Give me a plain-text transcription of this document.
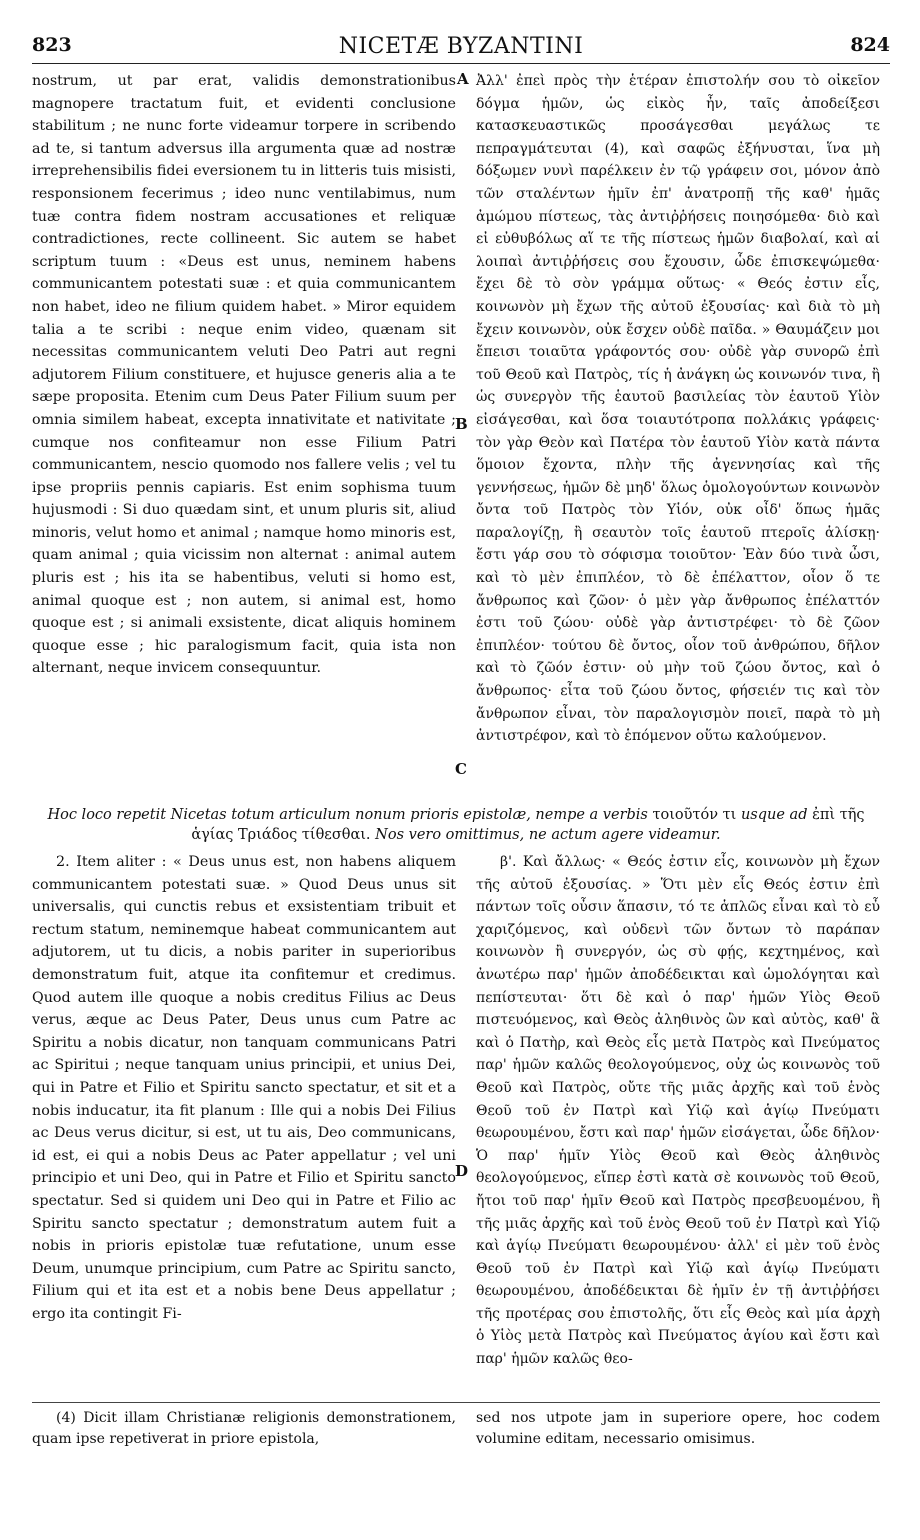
823	NICETÆ BYZANTINI	824

nostrum, ut par erat, validis demonstrationibus magnopere tractatum fuit, et evidenti conclusione stabilitum ; ne nunc forte videamur torpere in scribendo ad te, si tantum adversus illa argumenta quæ ad nostræ irreprehensibilis fidei eversionem tu in litteris tuis misisti, responsionem fecerimus ; ideo nunc ventilabimus, num tuæ contra fidem nostram accusationes et reliquæ contradictiones, recte collineent. Sic autem se habet scriptum tuum : «Deus est unus, neminem habens communicantem potestati suæ : et quia communicantem non habet, ideo ne filium quidem habet. » Miror equidem talia a te scribi : neque enim video, quænam sit necessitas communicantem veluti Deo Patri aut regni adjutorem Filium constituere, et hujusce generis alia a te sæpe proposita. Etenim cum Deus Pater Filium suum per omnia similem habeat, excepta innativitate et nativitate ; cumque nos confiteamur non esse Filium Patri communicantem, nescio quomodo nos fallere velis ; vel tu ipse propriis pennis capiaris. Est enim sophisma tuum hujusmodi : Si duo quædam sint, et unum pluris sit, aliud minoris, velut homo et animal ; namque homo minoris est, quam animal ; quia vicissim non alternat : animal autem pluris est ; his ita se habentibus, veluti si homo est, animal quoque est ; non autem, si animal est, homo quoque est ; si animali exsistente, dicat aliquis hominem quoque esse ; hic paralogismum facit, quia ista non alternant, neque invicem consequuntur.

Ἀλλ' ἐπεὶ πρὸς τὴν ἑτέραν ἐπιστολήν σου τὸ οἰκεῖον δόγμα ἡμῶν, ὡς εἰκὸς ἦν, ταῖς ἀποδείξεσι κατασκευαστικῶς προσάγεσθαι μεγάλως τε πεπραγμάτευται (4), καὶ σαφῶς ἐξήνυσται, ἵνα μὴ δόξωμεν νυνὶ παρέλκειν ἐν τῷ γράφειν σοι, μόνον ἀπὸ τῶν σταλέντων ἡμῖν ἐπ' ἀνατροπῇ τῆς καθ' ἡμᾶς ἀμώμου πίστεως, τὰς ἀντιῤῥήσεις ποιησόμεθα· διὸ καὶ εἰ εὐθυβόλως αἵ τε τῆς πίστεως ἡμῶν διαβολαί, καὶ αἱ λοιπαὶ ἀντιῤῥήσεις σου ἔχουσιν, ὧδε ἐπισκεψώμεθα· ἔχει δὲ τὸ σὸν γράμμα οὕτως· « Θεός ἐστιν εἷς, κοινωνὸν μὴ ἔχων τῆς αὐτοῦ ἐξουσίας· καὶ διὰ τὸ μὴ ἔχειν κοινωνὸν, οὐκ ἔσχεν οὐδὲ παῖδα. » Θαυμάζειν μοι ἔπεισι τοιαῦτα γράφοντός σου· οὐδὲ γὰρ συνορῶ ἐπὶ τοῦ Θεοῦ καὶ Πατρὸς, τίς ἡ ἀνάγκη ὡς κοινωνόν τινα, ἢ ὡς συνεργὸν τῆς ἑαυτοῦ βασιλείας τὸν ἑαυτοῦ Υἱὸν εἰσάγεσθαι, καὶ ὅσα τοιαυτότροπα πολλάκις γράφεις· τὸν γὰρ Θεὸν καὶ Πατέρα τὸν ἑαυτοῦ Υἱὸν κατὰ πάντα ὅμοιον ἔχοντα, πλὴν τῆς ἀγεννησίας καὶ τῆς γεννήσεως, ἡμῶν δὲ μηδ' ὅλως ὁμολογούντων κοινωνὸν ὄντα τοῦ Πατρὸς τὸν Υἱόν, οὐκ οἶδ' ὅπως ἡμᾶς παραλογίζῃ, ἢ σεαυτὸν τοῖς ἑαυτοῦ πτεροῖς ἁλίσκῃ· ἔστι γάρ σου τὸ σόφισμα τοιοῦτον· Ἐὰν δύο τινὰ ὦσι, καὶ τὸ μὲν ἐπιπλέον, τὸ δὲ ἐπέλαττον, οἷον ὅ τε ἄνθρωπος καὶ ζῶον· ὁ μὲν γὰρ ἄνθρωπος ἐπέλαττόν ἐστι τοῦ ζώου· οὐδὲ γὰρ ἀντιστρέφει· τὸ δὲ ζῶον ἐπιπλέον· τούτου δὲ ὄντος, οἷον τοῦ ἀνθρώπου, δῆλον καὶ τὸ ζῶόν ἐστιν· οὐ μὴν τοῦ ζώου ὄντος, καὶ ὁ ἄνθρωπος· εἶτα τοῦ ζώου ὄντος, φήσειέν τις καὶ τὸν ἄνθρωπον εἶναι, τὸν παραλογισμὸν ποιεῖ, παρὰ τὸ μὴ ἀντιστρέφον, καὶ τὸ ἑπόμενον οὕτω καλούμενον.

A
B
C
D
Hoc loco repetit Nicetas totum articulum nonum prioris epistolæ, nempe a verbis τοιοῦτόν τι usque ad ἐπὶ τῆς ἁγίας Τριάδος τίθεσθαι. Nos vero omittimus, ne actum agere videamur.

2. Item aliter : « Deus unus est, non habens aliquem communicantem potestati suæ. » Quod Deus unus sit universalis, qui cunctis rebus et exsistentiam tribuit et rectum statum, neminemque habeat communicantem aut adjutorem, ut tu dicis, a nobis pariter in superioribus demonstratum fuit, atque ita confitemur et credimus. Quod autem ille quoque a nobis creditus Filius ac Deus verus, æque ac Deus Pater, Deus unus cum Patre ac Spiritu a nobis dicatur, non tanquam communicans Patri ac Spiritui ; neque tanquam unius principii, et unius Dei, qui in Patre et Filio et Spiritu sancto spectatur, et sit et a nobis inducatur, ita fit planum : Ille qui a nobis Dei Filius ac Deus verus dicitur, si est, ut tu ais, Deo communicans, id est, ei qui a nobis Deus ac Pater appellatur ; vel uni principio et uni Deo, qui in Patre et Filio et Spiritu sancto spectatur. Sed si quidem uni Deo qui in Patre et Filio ac Spiritu sancto spectatur ; demonstratum autem fuit a nobis in prioris epistolæ tuæ refutatione, unum esse Deum, unumque principium, cum Patre ac Spiritu sancto, Filium qui et ita est et a nobis bene Deus appellatur ; ergo ita contingit Fi-

β'. Καὶ ἄλλως· « Θεός ἐστιν εἷς, κοινωνὸν μὴ ἔχων τῆς αὐτοῦ ἐξουσίας. » Ὅτι μὲν εἷς Θεός ἐστιν ἐπὶ πάντων τοῖς οὖσιν ἅπασιν, τό τε ἁπλῶς εἶναι καὶ τὸ εὖ χαριζόμενος, καὶ οὐδενὶ τῶν ὄντων τὸ παράπαν κοινωνὸν ἢ συνεργόν, ὡς σὺ φῄς, κεχτημένος, καὶ ἀνωτέρω παρ' ἡμῶν ἀποδέδεικται καὶ ὡμολόγηται καὶ πεπίστευται· ὅτι δὲ καὶ ὁ παρ' ἡμῶν Υἱὸς Θεοῦ πιστευόμενος, καὶ Θεὸς ἀληθινὸς ὢν καὶ αὐτὸς, καθ' ἃ καὶ ὁ Πατὴρ, καὶ Θεὸς εἷς μετὰ Πατρὸς καὶ Πνεύματος παρ' ἡμῶν καλῶς θεολογούμενος, οὐχ ὡς κοινωνὸς τοῦ Θεοῦ καὶ Πατρὸς, οὔτε τῆς μιᾶς ἀρχῆς καὶ τοῦ ἑνὸς Θεοῦ τοῦ ἐν Πατρὶ καὶ Υἱῷ καὶ ἁγίῳ Πνεύματι θεωρουμένου, ἔστι καὶ παρ' ἡμῶν εἰσάγεται, ὧδε δῆλον· Ὁ παρ' ἡμῖν Υἱὸς Θεοῦ καὶ Θεὸς ἀληθινὸς θεολογούμενος, εἴπερ ἐστὶ κατὰ σὲ κοινωνὸς τοῦ Θεοῦ, ἤτοι τοῦ παρ' ἡμῖν Θεοῦ καὶ Πατρὸς πρεσβευομένου, ἢ τῆς μιᾶς ἀρχῆς καὶ τοῦ ἑνὸς Θεοῦ τοῦ ἐν Πατρὶ καὶ Υἱῷ καὶ ἁγίῳ Πνεύματι θεωρουμένου· ἀλλ' εἰ μὲν τοῦ ἑνὸς Θεοῦ τοῦ ἐν Πατρὶ καὶ Υἱῷ καὶ ἁγίῳ Πνεύματι θεωρουμένου, ἀποδέδεικται δὲ ἡμῖν ἐν τῇ ἀντιῤῥήσει τῆς προτέρας σου ἐπιστολῆς, ὅτι εἷς Θεὸς καὶ μία ἀρχὴ ὁ Υἱὸς μετὰ Πατρὸς καὶ Πνεύματος ἁγίου καὶ ἔστι καὶ παρ' ἡμῶν καλῶς θεο-

(4) Dicit illam Christianæ religionis demonstrationem, quam ipse repetiverat in priore epistola,
sed nos utpote jam in superiore opere, hoc codem volumine editam, necessario omisimus.
